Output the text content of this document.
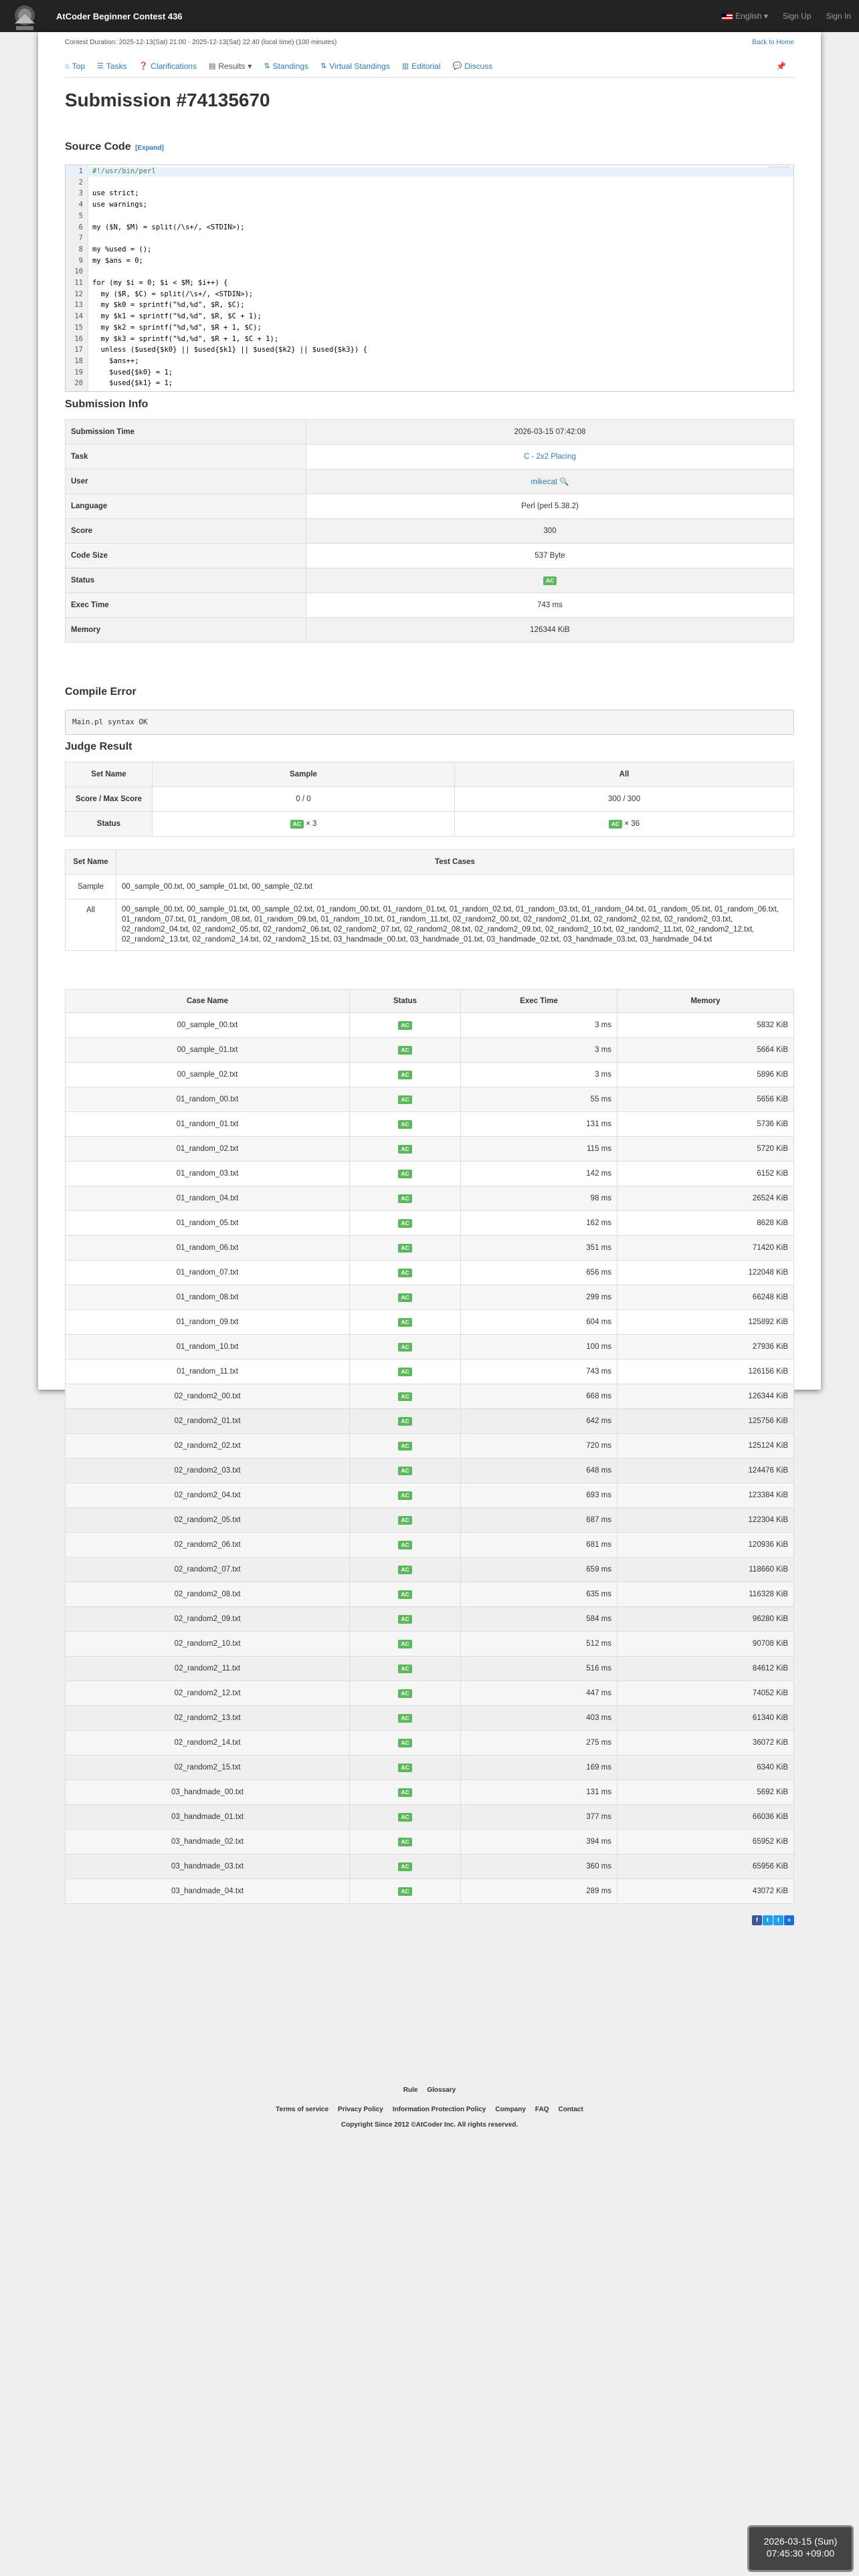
AtCoder Beginner Contest 436	English ▾ Sign Up Sign In
Contest Duration: 2025-12-13(Sat) 21:00 - 2025-12-13(Sat) 22:40 (local time) (100 minutes)	Back to Home
⌂ Top ☰ Tasks ❓ Clarifications ▤ Results ▾ ⇅ Standings ⇅ Virtual Standings ▥ Editorial 💬 Discuss	📌
Submission #74135670
Source Code [Expand]
1 #!/usr/bin/perl
2
3 use strict;
4 use warnings;
5
6 my ($N, $M) = split(/\s+/, <STDIN>);
7
8 my %used = ();
9 my $ans = 0;
10
11 for (my $i = 0; $i < $M; $i++) {
12 my ($R, $C) = split(/\s+/, <STDIN>);
13 my $k0 = sprintf("%d,%d", $R, $C);
14 my $k1 = sprintf("%d,%d", $R, $C + 1);
15 my $k2 = sprintf("%d,%d", $R + 1, $C);
16 my $k3 = sprintf("%d,%d", $R + 1, $C + 1);
17 unless ($used{$k0} || $used{$k1} || $used{$k2} || $used{$k3}) {
18 $ans++;
19 $used{$k0} = 1;
20 $used{$k1} = 1;
Submission Info
Submission Time	2026-03-15 07:42:08
Task	C - 2x2 Placing
User	mikecat 🔍
Language	Perl (perl 5.38.2)
Score	300
Code Size	537 Byte
Status	AC
Exec Time	743 ms
Memory	126344 KiB
Compile Error
Main.pl syntax OK
Judge Result
Set Name	Sample	All
Score / Max Score	0 / 0	300 / 300
Status	AC × 3	AC × 36
Set Name	Test Cases
Sample	00_sample_00.txt, 00_sample_01.txt, 00_sample_02.txt
All	00_sample_00.txt, 00_sample_01.txt, 00_sample_02.txt, 01_random_00.txt, 01_random_01.txt, 01_random_02.txt, 01_random_03.txt, 01_random_04.txt, 01_random_05.txt, 01_random_06.txt, 01_random_07.txt, 01_random_08.txt, 01_random_09.txt, 01_random_10.txt, 01_random_11.txt, 02_random2_00.txt, 02_random2_01.txt, 02_random2_02.txt, 02_random2_03.txt, 02_random2_04.txt, 02_random2_05.txt, 02_random2_06.txt, 02_random2_07.txt, 02_random2_08.txt, 02_random2_09.txt, 02_random2_10.txt, 02_random2_11.txt, 02_random2_12.txt, 02_random2_13.txt, 02_random2_14.txt, 02_random2_15.txt, 03_handmade_00.txt, 03_handmade_01.txt, 03_handmade_02.txt, 03_handmade_03.txt, 03_handmade_04.txt
Case Name	Status	Exec Time	Memory
00_sample_00.txt	AC	3 ms	5832 KiB
00_sample_01.txt	AC	3 ms	5664 KiB
00_sample_02.txt	AC	3 ms	5896 KiB
01_random_00.txt	AC	55 ms	5656 KiB
01_random_01.txt	AC	131 ms	5736 KiB
01_random_02.txt	AC	115 ms	5720 KiB
01_random_03.txt	AC	142 ms	6152 KiB
01_random_04.txt	AC	98 ms	26524 KiB
01_random_05.txt	AC	162 ms	8628 KiB
01_random_06.txt	AC	351 ms	71420 KiB
01_random_07.txt	AC	656 ms	122048 KiB
01_random_08.txt	AC	299 ms	66248 KiB
01_random_09.txt	AC	604 ms	125892 KiB
01_random_10.txt	AC	100 ms	27936 KiB
01_random_11.txt	AC	743 ms	126156 KiB
02_random2_00.txt	AC	668 ms	126344 KiB
02_random2_01.txt	AC	642 ms	125756 KiB
02_random2_02.txt	AC	720 ms	125124 KiB
02_random2_03.txt	AC	648 ms	124476 KiB
02_random2_04.txt	AC	693 ms	123384 KiB
02_random2_05.txt	AC	687 ms	122304 KiB
02_random2_06.txt	AC	681 ms	120936 KiB
02_random2_07.txt	AC	659 ms	118660 KiB
02_random2_08.txt	AC	635 ms	116328 KiB
02_random2_09.txt	AC	584 ms	96280 KiB
02_random2_10.txt	AC	512 ms	90708 KiB
02_random2_11.txt	AC	516 ms	84612 KiB
02_random2_12.txt	AC	447 ms	74052 KiB
02_random2_13.txt	AC	403 ms	61340 KiB
02_random2_14.txt	AC	275 ms	36072 KiB
02_random2_15.txt	AC	169 ms	6340 KiB
03_handmade_00.txt	AC	131 ms	5692 KiB
03_handmade_01.txt	AC	377 ms	66036 KiB
03_handmade_02.txt	AC	394 ms	65952 KiB
03_handmade_03.txt	AC	360 ms	65956 KiB
03_handmade_04.txt	AC	289 ms	43072 KiB
f	t	t	+
Rule Glossary
Terms of service Privacy Policy Information Protection Policy Company FAQ Contact
Copyright Since 2012 ©AtCoder Inc. All rights reserved.
2026-03-15 (Sun)
07:45:30 +09:00
